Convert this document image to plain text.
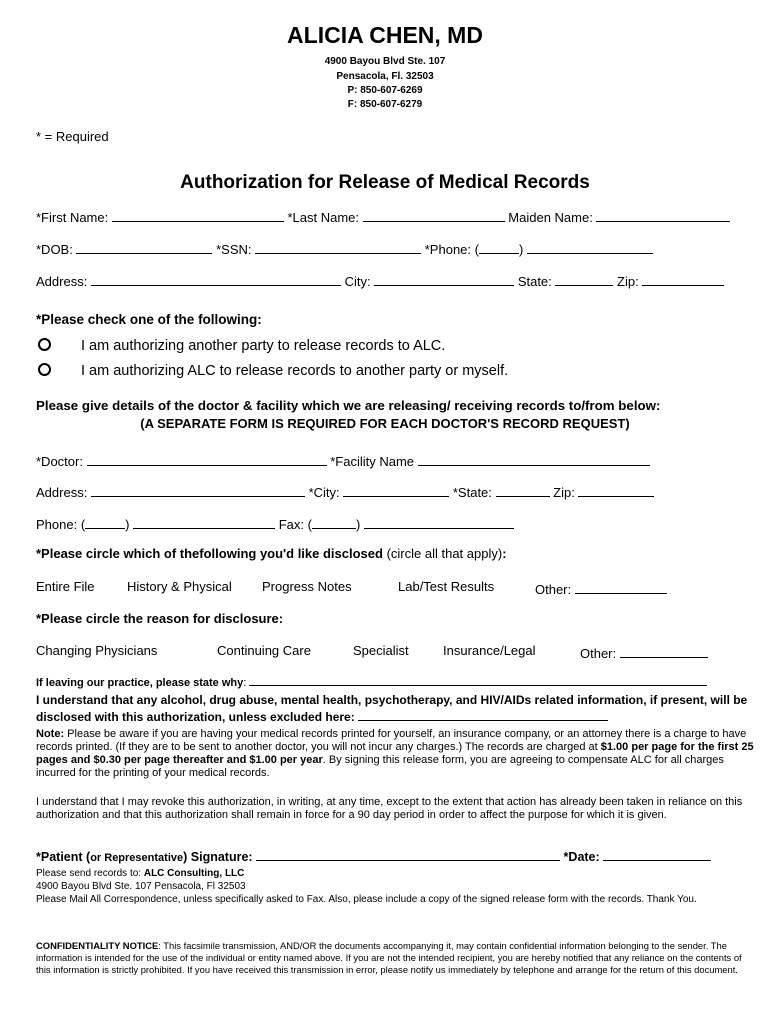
ALICIA CHEN, MD
4900 Bayou Blvd Ste. 107
Pensacola, Fl. 32503
P: 850-607-6269
F: 850-607-6279
* = Required
Authorization for Release of Medical Records
*First Name:	*Last Name:	Maiden Name:
*DOB:	*SSN:	*Phone: (	)
Address:	City:	State:	Zip:
*Please check one of the following:
I am authorizing another party to release records to ALC.
I am authorizing ALC to release records to another party or myself.
Please give details of the doctor & facility which we are releasing/ receiving records to/from below:
(A SEPARATE FORM IS REQUIRED FOR EACH DOCTOR'S RECORD REQUEST)
*Doctor:	*Facility Name
Address:	*City:	*State:	Zip:
Phone: (	)	Fax: (	)
*Please circle which of thefollowing you'd like disclosed (circle all that apply):
Entire File History & Physical Progress Notes	Lab/Test Results	Other:
*Please circle the reason for disclosure:
Changing Physicians	Continuing Care	Specialist	Insurance/Legal	Other:
If leaving our practice, please state why:
I understand that any alcohol, drug abuse, mental health, psychotherapy, and HIV/AIDs related information, if present, will be disclosed with this authorization, unless excluded here:
Note: Please be aware if you are having your medical records printed for yourself, an insurance company, or an attorney there is a charge to have records printed. (If they are to be sent to another doctor, you will not incur any charges.) The records are charged at $1.00 per page for the first 25 pages and $0.30 per page thereafter and $1.00 per year. By signing this release form, you are agreeing to compensate ALC for all charges incurred for the printing of your medical records.
I understand that I may revoke this authorization, in writing, at any time, except to the extent that action has already been taken in reliance on this authorization and that this authorization shall remain in force for a 90 day period in order to affect the purpose for which it is given.
*Patient (or Representative) Signature:	*Date:
Please send records to: ALC Consulting, LLC
4900 Bayou Blvd Ste. 107 Pensacola, Fl 32503
Please Mail All Correspondence, unless specifically asked to Fax. Also, please include a copy of the signed release form with the records. Thank You.
CONFIDENTIALITY NOTICE: This facsimile transmission, AND/OR the documents accompanying it, may contain confidential information belonging to the sender. The information is intended for the use of the individual or entity named above. If you are not the intended recipient, you are hereby notified that any reliance on the contents of this information is strictly prohibited. If you have received this transmission in error, please notify us immediately by telephone and arrange for the return of this document.
